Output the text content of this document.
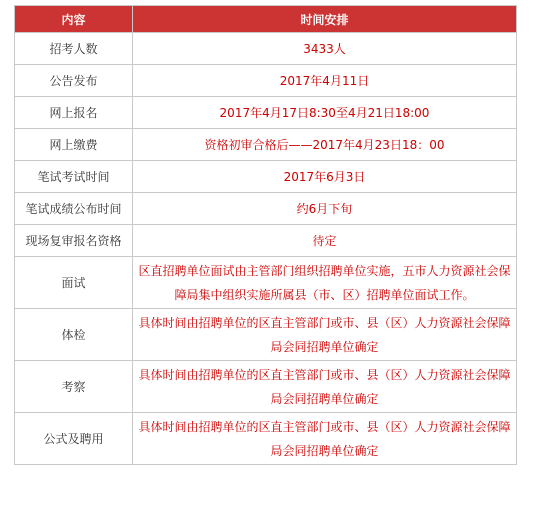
内容	时间安排
招考人数	3433人
公告发布	2017年4月11日
网上报名	2017年4月17日8:30至4月21日18:00
网上缴费	资格初审合格后——2017年4月23日18：00
笔试考试时间	2017年6月3日
笔试成绩公布时间	约6月下旬
现场复审报名资格	待定
面试	区直招聘单位面试由主管部门组织招聘单位实施，五市人力资源社会保障局集中组织实施所属县（市、区）招聘单位面试工作。
体检	具体时间由招聘单位的区直主管部门或市、县（区）人力资源社会保障局会同招聘单位确定
考察	具体时间由招聘单位的区直主管部门或市、县（区）人力资源社会保障局会同招聘单位确定
公式及聘用	具体时间由招聘单位的区直主管部门或市、县（区）人力资源社会保障局会同招聘单位确定
